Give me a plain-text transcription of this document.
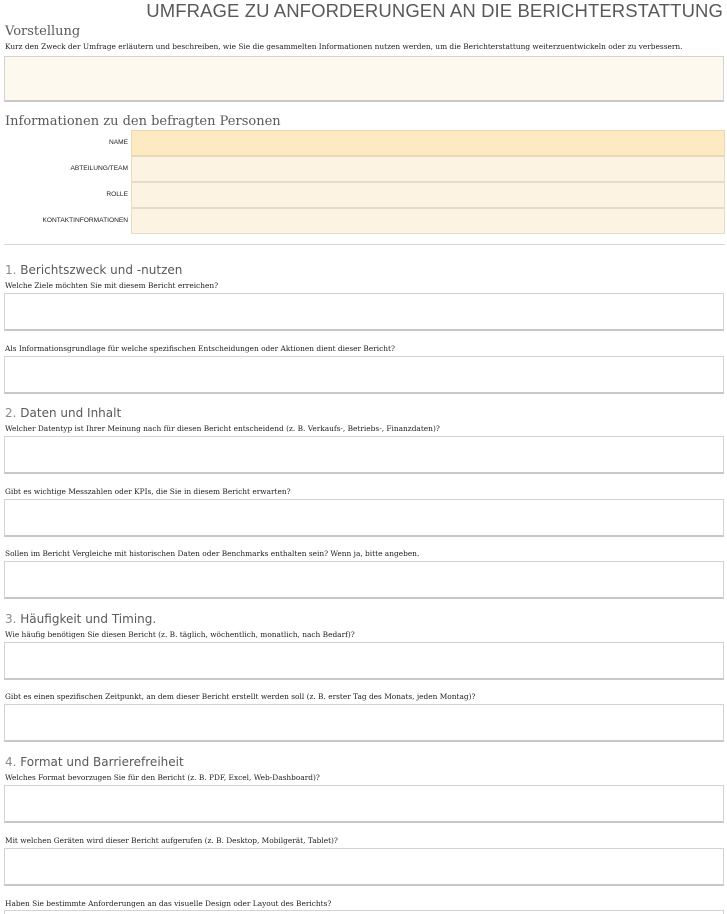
UMFRAGE ZU ANFORDERUNGEN AN DIE BERICHTERSTATTUNG
Vorstellung
Kurz den Zweck der Umfrage erläutern und beschreiben, wie Sie die gesammelten Informationen nutzen werden, um die Berichterstattung weiterzuentwickeln oder zu verbessern.
Informationen zu den befragten Personen
NAME
ABTEILUNG/TEAM
ROLLE
KONTAKTINFORMATIONEN
1. Berichtszweck und -nutzen
Welche Ziele möchten Sie mit diesem Bericht erreichen?
Als Informationsgrundlage für welche spezifischen Entscheidungen oder Aktionen dient dieser Bericht?
2. Daten und Inhalt
Welcher Datentyp ist Ihrer Meinung nach für diesen Bericht entscheidend (z. B. Verkaufs-, Betriebs-, Finanzdaten)?
Gibt es wichtige Messzahlen oder KPIs, die Sie in diesem Bericht erwarten?
Sollen im Bericht Vergleiche mit historischen Daten oder Benchmarks enthalten sein? Wenn ja, bitte angeben.
3. Häufigkeit und Timing.
Wie häufig benötigen Sie diesen Bericht (z. B. täglich, wöchentlich, monatlich, nach Bedarf)?
Gibt es einen spezifischen Zeitpunkt, an dem dieser Bericht erstellt werden soll (z. B. erster Tag des Monats, jeden Montag)?
4. Format und Barrierefreiheit
Welches Format bevorzugen Sie für den Bericht (z. B. PDF, Excel, Web-Dashboard)?
Mit welchen Geräten wird dieser Bericht aufgerufen (z. B. Desktop, Mobilgerät, Tablet)?
Haben Sie bestimmte Anforderungen an das visuelle Design oder Layout des Berichts?
